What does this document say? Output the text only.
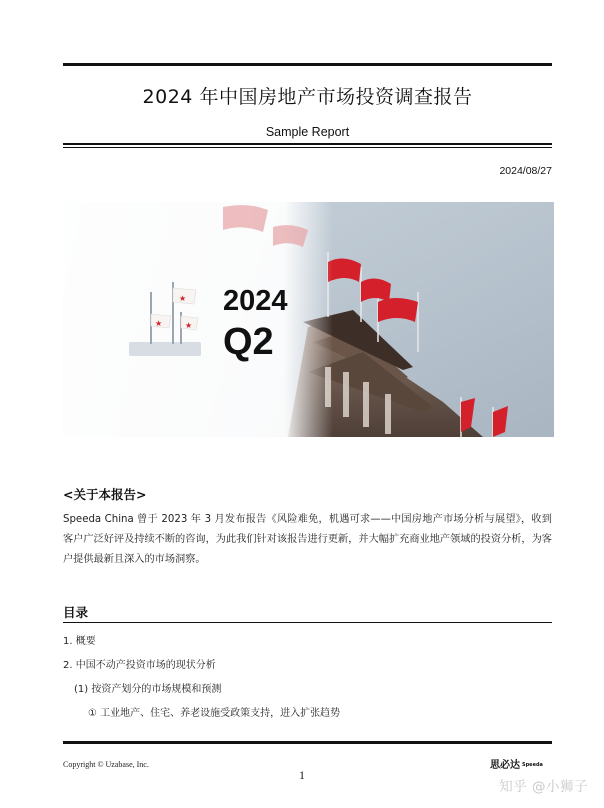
2024 年中国房地产市场投资调查报告
Sample Report
2024/08/27
★
★	★
2024
Q2
<关于本报告>
Speeda China 曾于 2023 年 3 月发布报告《风险难免，机遇可求——中国房地产市场分析与展望》，收到客户广泛好评及持续不断的咨询，为此我们针对该报告进行更新，并大幅扩充商业地产领域的投资分析，为客户提供最新且深入的市场洞察。
目录
1. 概要
2. 中国不动产投资市场的现状分析
(1) 按资产划分的市场规模和预测
① 工业地产、住宅、养老设施受政策支持，进入扩张趋势
Copyright © Uzabase, Inc.
1
思必达 Speeda
知乎 @小狮子
